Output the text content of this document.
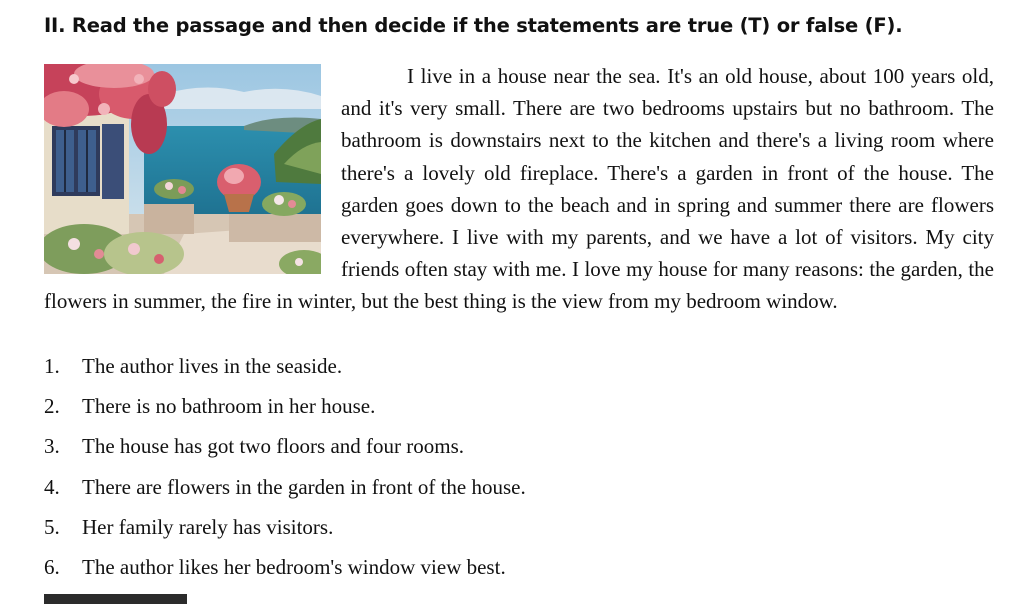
II. Read the passage and then decide if the statements are true (T) or false (F).
I live in a house near the sea. It's an old house, about 100 years old, and it's very small. There are two bedrooms upstairs but no bathroom. The bathroom is downstairs next to the kitchen and there's a living room where there's a lovely old fireplace. There's a garden in front of the house. The garden goes down to the beach and in spring and summer there are flowers everywhere. I live with my parents, and we have a lot of visitors. My city friends often stay with me. I love my house for many reasons: the garden, the flowers in summer, the fire in winter, but the best thing is the view from my bedroom window.
1. The author lives in the seaside.
2. There is no bathroom in her house.
3. The house has got two floors and four rooms.
4. There are flowers in the garden in front of the house.
5. Her family rarely has visitors.
6. The author likes her bedroom's window view best.
